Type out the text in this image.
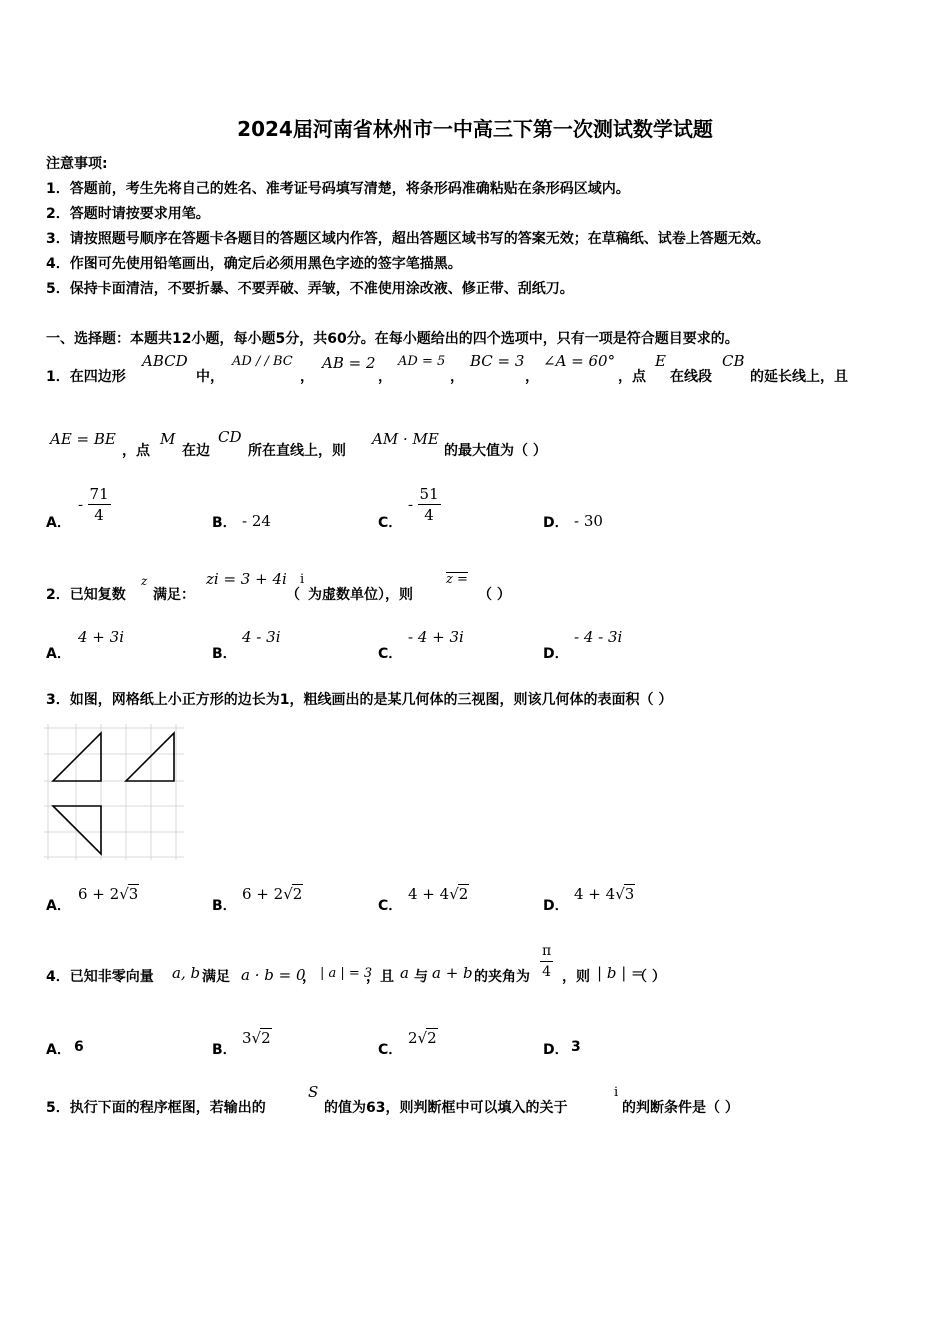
2024届河南省林州市一中高三下第一次测试数学试题
注意事项:
1．答题前，考生先将自己的姓名、准考证号码填写清楚，将条形码准确粘贴在条形码区域内。
2．答题时请按要求用笔。
3．请按照题号顺序在答题卡各题目的答题区域内作答，超出答题区域书写的答案无效；在草稿纸、试卷上答题无效。
4．作图可先使用铅笔画出，确定后必须用黑色字迹的签字笔描黑。
5．保持卡面清洁，不要折暴、不要弄破、弄皱，不准使用涂改液、修正带、刮纸刀。
一、选择题：本题共12小题，每小题5分，共60分。在每小题给出的四个选项中，只有一项是符合题目要求的。
1．在四边形
ABCD
中，
AD / / BC
，
AB = 2
，
AD = 5
，
BC = 3
，
∠A = 60°
，点
E
在线段
CB
的延长线上，且
AE = BE
，点
M
在边
CD
所在直线上，则
AM · ME
的最大值为（ ）
A．
- $\frac{71}{4}$	B． - 24	C．
- $\frac{51}{4}$	D． - 30
2．已知复数
z
满足：
zi = 3 + 4i
（
i
为虚数单位），则
z =
（ ）
A．
4 + 3i
B．
4 - 3i
C．
- 4 + 3i
D．
- 4 - 3i
3．如图，网格纸上小正方形的边长为1，粗线画出的是某几何体的三视图，则该几何体的表面积（ ）
A．
6 + 2√3
B．
6 + 2√2
C．
4 + 4√2
D．
4 + 4√3
4．已知非零向量 a, b 满足 a · b = 0
， | a | = 3
，且 a 与 a + b 的夹角为 $\frac{\pi}{4}$ ，则 | b | =
（ ）
A． 6	B．
3√2
C．
2√2
D． 3
5．执行下面的程序框图，若输出的
S
的值为63，则判断框中可以填入的关于
i
的判断条件是（ ）
